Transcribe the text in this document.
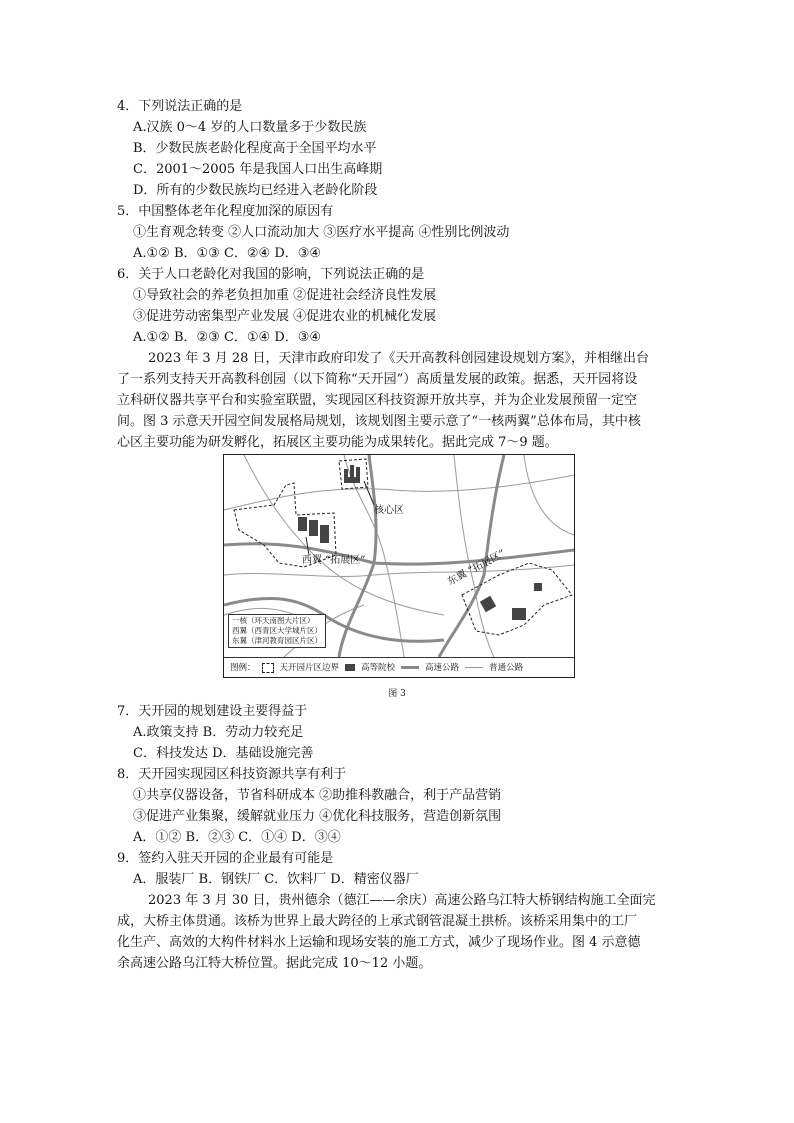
4．下列说法正确的是
A.汉族 0～4 岁的人口数量多于少数民族
B．少数民族老龄化程度高于全国平均水平
C．2001～2005 年是我国人口出生高峰期
D．所有的少数民族均已经进入老龄化阶段
5．中国整体老年化程度加深的原因有
①生育观念转变 ②人口流动加大 ③医疗水平提高 ④性别比例波动
A.①② B．①③ C．②④ D．③④
6．关于人口老龄化对我国的影响，下列说法正确的是
①导致社会的养老负担加重 ②促进社会经济良性发展
③促进劳动密集型产业发展 ④促进农业的机械化发展
A.①② B．②③ C．①④ D．③④
2023 年 3 月 28 日，天津市政府印发了《天开高教科创园建设规划方案》，并相继出台
了一系列支持天开高教科创园（以下简称“天开园”）高质量发展的政策。据悉，天开园将设
立科研仪器共享平台和实验室联盟，实现园区科技资源开放共享，并为企业发展预留一定空
间。图 3 示意天开园空间发展格局规划，该规划图主要示意了“一核两翼”总体布局，其中核
心区主要功能为研发孵化，拓展区主要功能为成果转化。据此完成 7～9 题。
核心区
西翼 “拓展区”	东翼 “拓展区”
一核（环天南图大片区）
西翼（西青区大学城片区）
东翼（津河教育园区片区）
图例：	天开园片区边界	高等院校	高速公路	普通公路
图 3
7．天开园的规划建设主要得益于
A.政策支持 B．劳动力较充足
C．科技发达 D．基础设施完善
8．天开园实现园区科技资源共享有利于
①共享仪器设备，节省科研成本 ②助推科教融合，利于产品营销
③促进产业集聚，缓解就业压力 ④优化科技服务，营造创新氛围
A．①② B．②③ C．①④ D．③④
9．签约入驻天开园的企业最有可能是
A．服装厂 B．钢铁厂 C．饮料厂 D．精密仪器厂
2023 年 3 月 30 日，贵州德余（德江——余庆）高速公路乌江特大桥钢结构施工全面完
成，大桥主体贯通。该桥为世界上最大跨径的上承式钢管混凝土拱桥。该桥采用集中的工厂
化生产、高效的大构件材料水上运输和现场安装的施工方式，减少了现场作业。图 4 示意德
余高速公路乌江特大桥位置。据此完成 10～12 小题。
